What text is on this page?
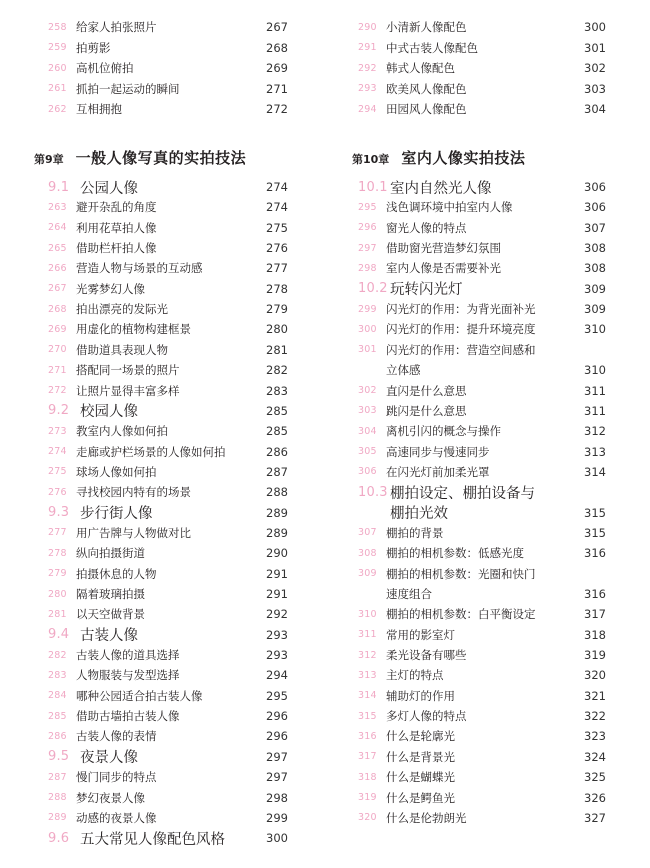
258 给家人拍张照片	267
259 拍剪影	268
260 高机位俯拍	269
261 抓拍一起运动的瞬间	271
262 互相拥抱	272
第9章 一般人像写真的实拍技法
9.1 公园人像	274
263 避开杂乱的角度	274
264 利用花草拍人像	275
265 借助栏杆拍人像	276
266 营造人物与场景的互动感	277
267 光雾梦幻人像	278
268 拍出漂亮的发际光	279
269 用虚化的植物构建框景	280
270 借助道具表现人物	281
271 搭配同一场景的照片	282
272 让照片显得丰富多样	283
9.2 校园人像	285
273 教室内人像如何拍	285
274 走廊或护栏场景的人像如何拍	286
275 球场人像如何拍	287
276 寻找校园内特有的场景	288
9.3 步行街人像	289
277 用广告牌与人物做对比	289
278 纵向拍摄街道	290
279 拍摄休息的人物	291
280 隔着玻璃拍摄	291
281 以天空做背景	292
9.4 古装人像	293
282 古装人像的道具选择	293
283 人物服装与发型选择	294
284 哪种公园适合拍古装人像	295
285 借助古墙拍古装人像	296
286 古装人像的表情	296
9.5 夜景人像	297
287 慢门同步的特点	297
288 梦幻夜景人像	298
289 动感的夜景人像	299
9.6 五大常见人像配色风格	300
290 小清新人像配色	300
291 中式古装人像配色	301
292 韩式人像配色	302
293 欧美风人像配色	303
294 田园风人像配色	304
第10章 室内人像实拍技法
10.1 室内自然光人像	306
295 浅色调环境中拍室内人像	306
296 窗光人像的特点	307
297 借助窗光营造梦幻氛围	308
298 室内人像是否需要补光	308
10.2 玩转闪光灯	309
299 闪光灯的作用：为背光面补光	309
300 闪光灯的作用：提升环境亮度	310
301 闪光灯的作用：营造空间感和
立体感	310
302 直闪是什么意思	311
303 跳闪是什么意思	311
304 离机引闪的概念与操作	312
305 高速同步与慢速同步	313
306 在闪光灯前加柔光罩	314
10.3 棚拍设定、棚拍设备与
棚拍光效	315
307 棚拍的背景	315
308 棚拍的相机参数：低感光度	316
309 棚拍的相机参数：光圈和快门
速度组合	316
310 棚拍的相机参数：白平衡设定	317
311 常用的影室灯	318
312 柔光设备有哪些	319
313 主灯的特点	320
314 辅助灯的作用	321
315 多灯人像的特点	322
316 什么是轮廓光	323
317 什么是背景光	324
318 什么是蝴蝶光	325
319 什么是鳄鱼光	326
320 什么是伦勃朗光	327
